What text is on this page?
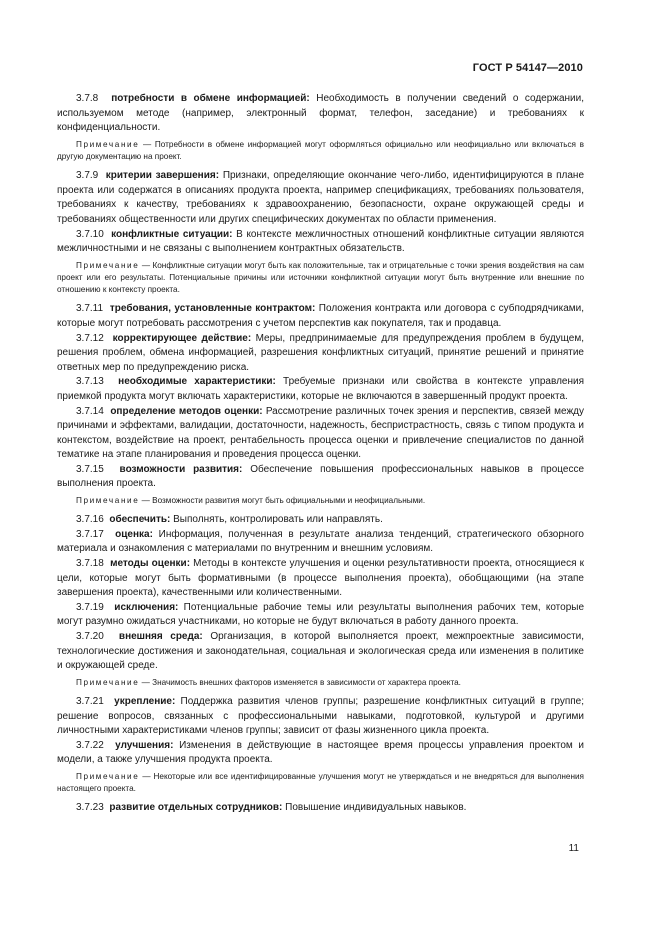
ГОСТ Р 54147—2010

3.7.8 потребности в обмене информацией: Необходимость в получении сведений о содержании, используемом методе (например, электронный формат, телефон, заседание) и требованиях к конфиденциальности.

Примечание — Потребности в обмене информацией могут оформляться официально или неофициально или включаться в другую документацию на проект.

3.7.9 критерии завершения: Признаки, определяющие окончание чего-либо, идентифицируются в плане проекта или содержатся в описаниях продукта проекта, например спецификациях, требованиях пользователя, требованиях к качеству, требованиях к здравоохранению, безопасности, охране окружающей среды и требованиях общественности или других специфических документах по области применения.

3.7.10 конфликтные ситуации: В контексте межличностных отношений конфликтные ситуации являются межличностными и не связаны с выполнением контрактных обязательств.

Примечание — Конфликтные ситуации могут быть как положительные, так и отрицательные с точки зрения воздействия на сам проект или его результаты. Потенциальные причины или источники конфликтной ситуации могут быть внутренние или внешние по отношению к контексту проекта.

3.7.11 требования, установленные контрактом: Положения контракта или договора с субподрядчиками, которые могут потребовать рассмотрения с учетом перспектив как покупателя, так и продавца.

3.7.12 корректирующее действие: Меры, предпринимаемые для предупреждения проблем в будущем, решения проблем, обмена информацией, разрешения конфликтных ситуаций, принятие решений и принятие ответных мер по предупреждению риска.

3.7.13 необходимые характеристики: Требуемые признаки или свойства в контексте управления приемкой продукта могут включать характеристики, которые не включаются в завершенный продукт проекта.

3.7.14 определение методов оценки: Рассмотрение различных точек зрения и перспектив, связей между причинами и эффектами, валидации, достаточности, надежность, беспристрастность, связь с типом продукта и контекстом, воздействие на проект, рентабельность процесса оценки и привлечение специалистов по данной тематике на этапе планирования и проведения процесса оценки.

3.7.15 возможности развития: Обеспечение повышения профессиональных навыков в процессе выполнения проекта.

Примечание — Возможности развития могут быть официальными и неофициальными.

3.7.16 обеспечить: Выполнять, контролировать или направлять.

3.7.17 оценка: Информация, полученная в результате анализа тенденций, стратегического обзорного материала и ознакомления с материалами по внутренним и внешним условиям.

3.7.18 методы оценки: Методы в контексте улучшения и оценки результативности проекта, относящиеся к цели, которые могут быть формативными (в процессе выполнения проекта), обобщающими (на этапе завершения проекта), качественными или количественными.

3.7.19 исключения: Потенциальные рабочие темы или результаты выполнения рабочих тем, которые могут разумно ожидаться участниками, но которые не будут включаться в работу данного проекта.

3.7.20 внешняя среда: Организация, в которой выполняется проект, межпроектные зависимости, технологические достижения и законодательная, социальная и экологическая среда или изменения в политике и окружающей среде.

Примечание — Значимость внешних факторов изменяется в зависимости от характера проекта.

3.7.21 укрепление: Поддержка развития членов группы; разрешение конфликтных ситуаций в группе; решение вопросов, связанных с профессиональными навыками, подготовкой, культурой и другими личностными характеристиками членов группы; зависит от фазы жизненного цикла проекта.

3.7.22 улучшения: Изменения в действующие в настоящее время процессы управления проектом и модели, а также улучшения продукта проекта.

Примечание — Некоторые или все идентифицированные улучшения могут не утверждаться и не внедряться для выполнения настоящего проекта.

3.7.23 развитие отдельных сотрудников: Повышение индивидуальных навыков.

11
